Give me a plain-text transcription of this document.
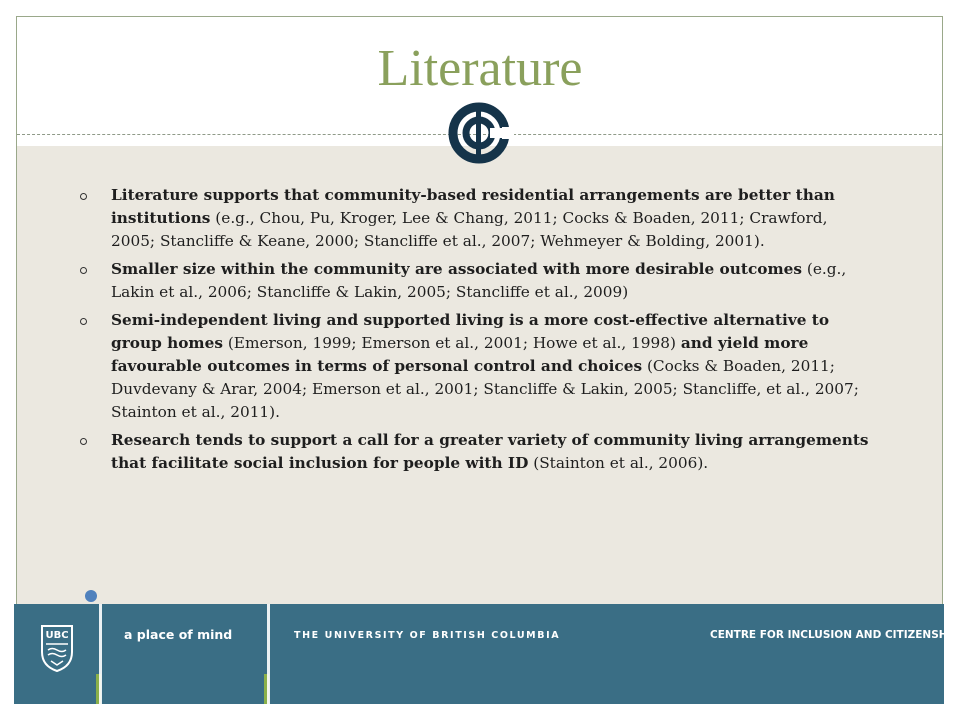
Literature
Literature supports that community-based residential arrangements are better than institutions (e.g., Chou, Pu, Kroger, Lee & Chang, 2011; Cocks & Boaden, 2011; Crawford, 2005; Stancliffe & Keane, 2000; Stancliffe et al., 2007; Wehmeyer & Bolding, 2001).
Smaller size within the community are associated with more desirable outcomes (e.g., Lakin et al., 2006; Stancliffe & Lakin, 2005; Stancliffe et al., 2009)
Semi-independent living and supported living is a more cost-effective alternative to group homes (Emerson, 1999; Emerson et al., 2001; Howe et al., 1998) and yield more favourable outcomes in terms of personal control and choices (Cocks & Boaden, 2011; Duvdevany & Arar, 2004; Emerson et al., 2001; Stancliffe & Lakin, 2005; Stancliffe, et al., 2007; Stainton et al., 2011).
Research tends to support a call for a greater variety of community living arrangements that facilitate social inclusion for people with ID (Stainton et al., 2006).
UBC	a place of mind	THE UNIVERSITY OF BRITISH COLUMBIA	CENTRE FOR INCLUSION AND CITIZENSHIP
